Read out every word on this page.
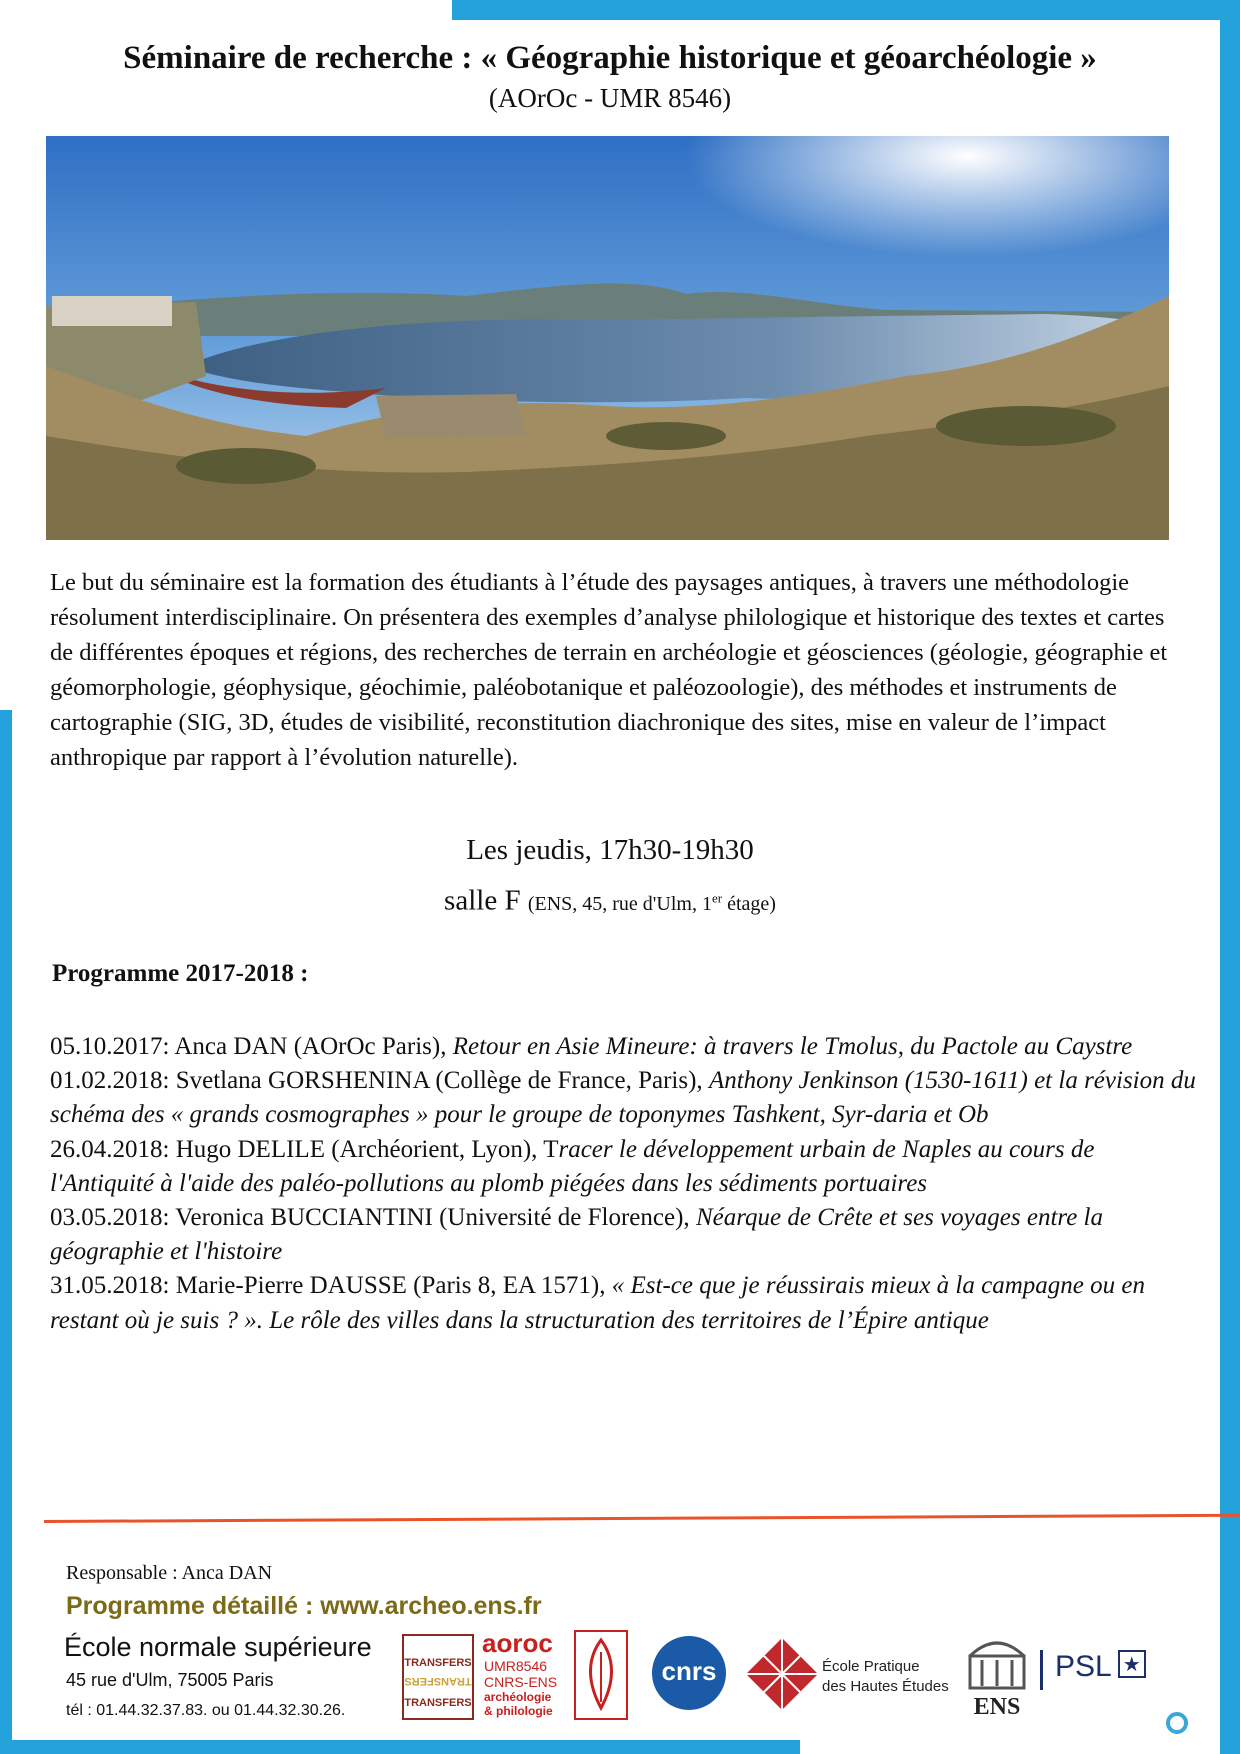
Séminaire de recherche : « Géographie historique et géoarchéologie »
(AOrOc - UMR 8546)

Le but du séminaire est la formation des étudiants à l’étude des paysages antiques, à travers une méthodologie résolument interdisciplinaire. On présentera des exemples d’analyse philologique et historique des textes et cartes de différentes époques et régions, des recherches de terrain en archéologie et géosciences (géologie, géographie et géomorphologie, géophysique, géochimie, paléobotanique et paléozoologie), des méthodes et instruments de cartographie (SIG, 3D, études de visibilité, reconstitution diachronique des sites, mise en valeur de l’impact anthropique par rapport à l’évolution naturelle).

Les jeudis, 17h30-19h30
salle F (ENS, 45, rue d'Ulm, 1er étage)
Programme 2017-2018 :

05.10.2017: Anca DAN (AOrOc Paris), Retour en Asie Mineure: à travers le Tmolus, du Pactole au Caystre

01.02.2018: Svetlana GORSHENINA (Collège de France, Paris), Anthony Jenkinson (1530-1611) et la révision du schéma des « grands cosmographes » pour le groupe de toponymes Tashkent, Syr-daria et Ob

26.04.2018: Hugo DELILE (Archéorient, Lyon), Tracer le développement urbain de Naples au cours de l'Antiquité à l'aide des paléo-pollutions au plomb piégées dans les sédiments portuaires

03.05.2018: Veronica BUCCIANTINI (Université de Florence), Néarque de Crête et ses voyages entre la géographie et l'histoire

31.05.2018: Marie-Pierre DAUSSE (Paris 8, EA 1571), « Est-ce que je réussirais mieux à la campagne ou en restant où je suis ? ». Le rôle des villes dans la structuration des territoires de l’Épire antique

Responsable : Anca DAN
Programme détaillé : www.archeo.ens.fr
École normale supérieure
45 rue d'Ulm, 75005 Paris
tél : 01.44.32.37.83. ou 01.44.32.30.26.
TRANSFERS
TRANSFERS
TRANSFERS
aoroc
UMR8546
CNRS-ENS
archéologie
& philologie
cnrs	École Pratique
des Hautes Études
ENS
PSL ★
